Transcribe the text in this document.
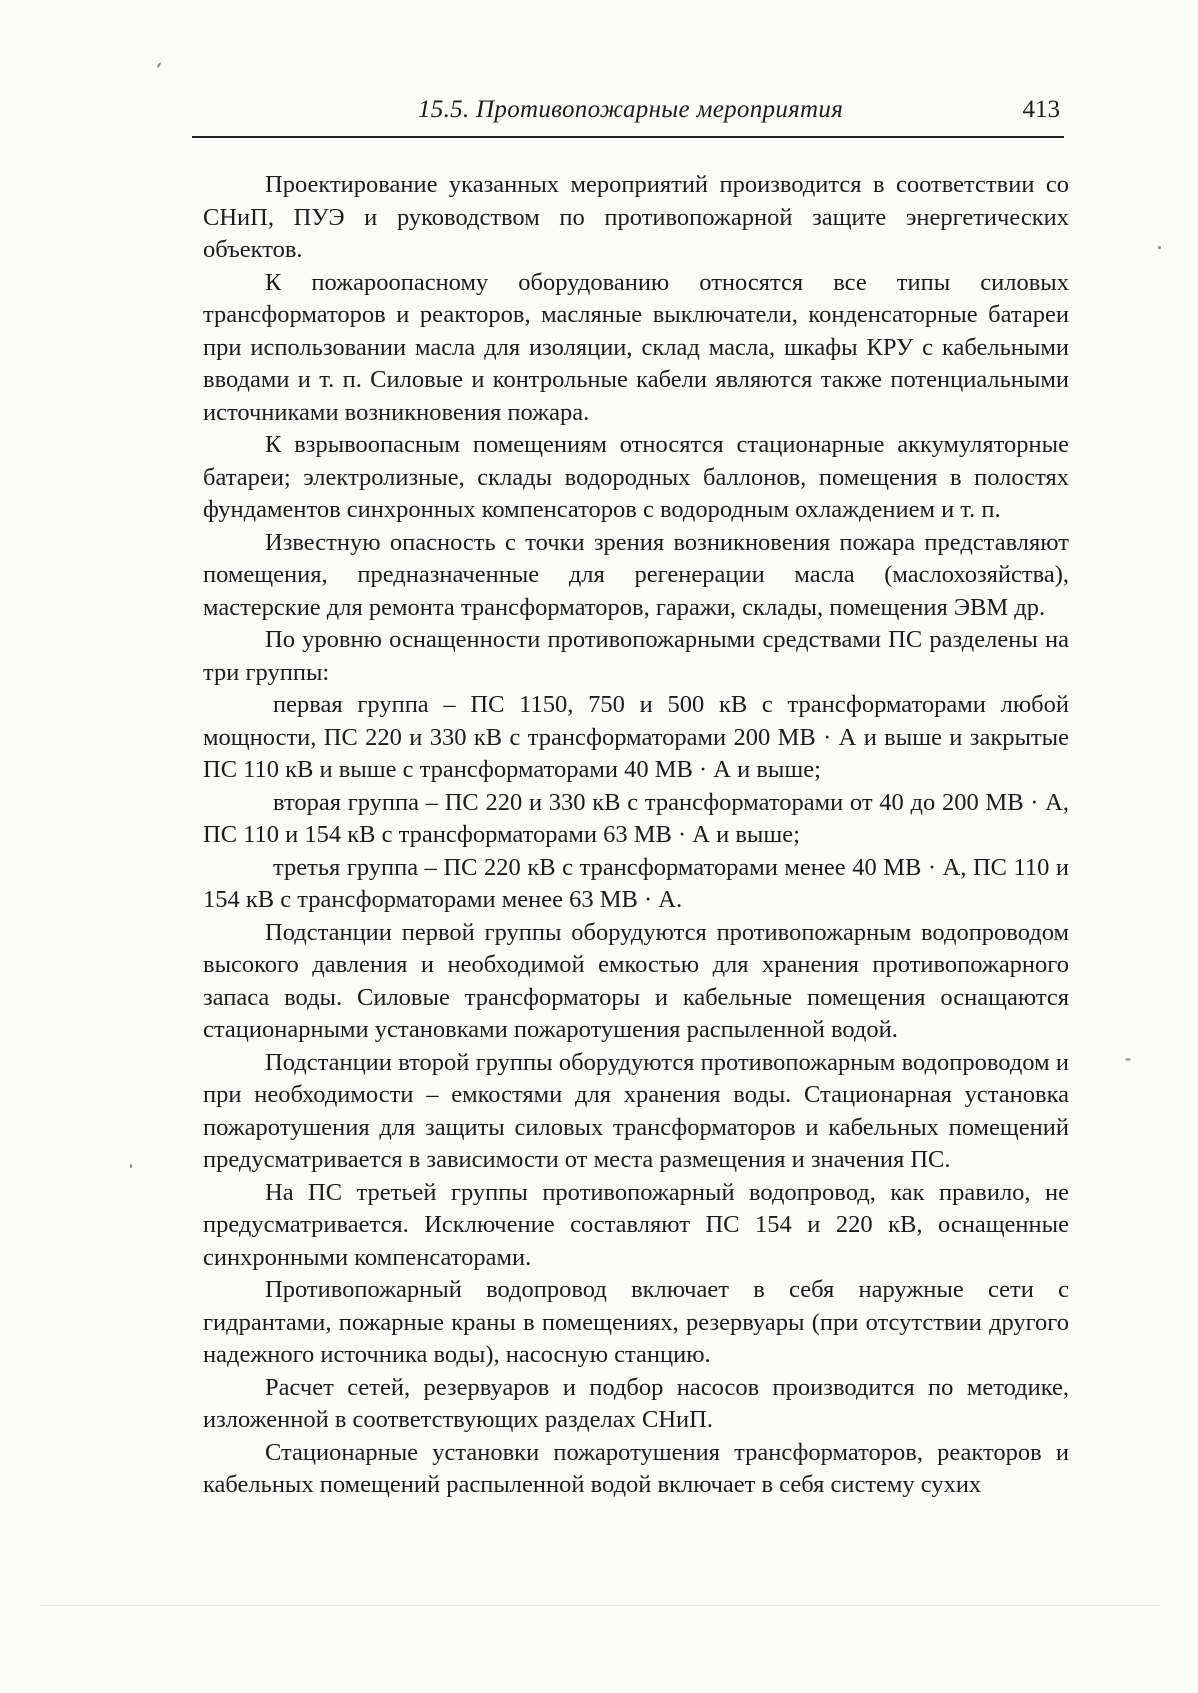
15.5. Противопожарные мероприятия	413

Проектирование указанных мероприятий производится в соответствии со СНиП, ПУЭ и руководством по противопожарной защите энергетических объектов.

К пожароопасному оборудованию относятся все типы силовых трансформаторов и реакторов, масляные выключатели, конденсаторные батареи при использовании масла для изоляции, склад масла, шкафы КРУ с кабельными вводами и т. п. Силовые и контрольные кабели являются также потенциальными источниками возникновения пожара.

К взрывоопасным помещениям относятся стационарные аккумуляторные батареи; электролизные, склады водородных баллонов, помещения в полостях фундаментов синхронных компенсаторов с водородным охлаждением и т. п.

Известную опасность с точки зрения возникновения пожара представляют помещения, предназначенные для регенерации масла (маслохозяйства), мастерские для ремонта трансформаторов, гаражи, склады, помещения ЭВМ др.

По уровню оснащенности противопожарными средствами ПС разделены на три группы:

первая группа – ПС 1150, 750 и 500 кВ с трансформаторами любой мощности, ПС 220 и 330 кВ с трансформаторами 200 МВ · А и выше и закрытые ПС 110 кВ и выше с трансформаторами 40 МВ · А и выше;

вторая группа – ПС 220 и 330 кВ с трансформаторами от 40 до 200 МВ · А, ПС 110 и 154 кВ с трансформаторами 63 МВ · А и выше;

третья группа – ПС 220 кВ с трансформаторами менее 40 МВ · А, ПС 110 и 154 кВ с трансформаторами менее 63 МВ · А.

Подстанции первой группы оборудуются противопожарным водопроводом высокого давления и необходимой емкостью для хранения противопожарного запаса воды. Силовые трансформаторы и кабельные помещения оснащаются стационарными установками пожаротушения распыленной водой.

Подстанции второй группы оборудуются противопожарным водопроводом и при необходимости – емкостями для хранения воды. Стационарная установка пожаротушения для защиты силовых трансформаторов и кабельных помещений предусматривается в зависимости от места размещения и значения ПС.

На ПС третьей группы противопожарный водопровод, как правило, не предусматривается. Исключение составляют ПС 154 и 220 кВ, оснащенные синхронными компенсаторами.

Противопожарный водопровод включает в себя наружные сети с гидрантами, пожарные краны в помещениях, резервуары (при отсутствии другого надежного источника воды), насосную станцию.

Расчет сетей, резервуаров и подбор насосов производится по методике, изложенной в соответствующих разделах СНиП.

Стационарные установки пожаротушения трансформаторов, реакторов и кабельных помещений распыленной водой включает в себя систему сухих
